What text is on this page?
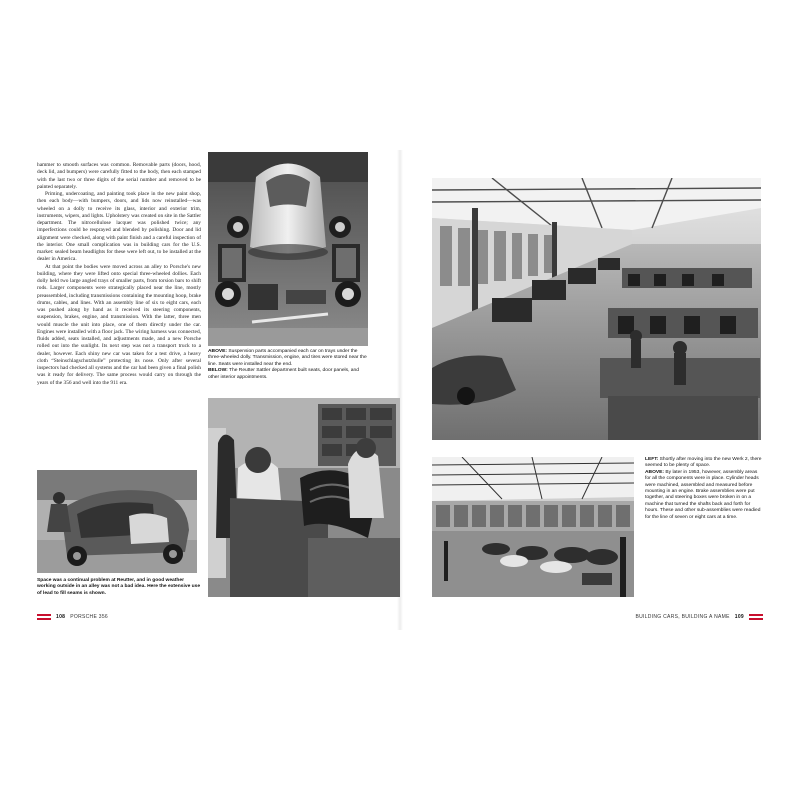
hammer to smooth surfaces was common. Removable parts (doors, hood, deck lid, and bumpers) were carefully fitted to the body, then each stamped with the last two or three digits of the serial number and removed to be painted separately.

Priming, undercoating, and painting took place in the new paint shop, then each body—with bumpers, doors, and lids now reinstalled—was wheeled on a dolly to receive its glass, interior and exterior trim, instruments, wipers, and lights. Upholstery was created on site in the Sattler department. The nitrocellulose lacquer was polished twice; any imperfections could be resprayed and blended by polishing. Door and lid alignment were checked, along with paint finish and a careful inspection of the interior. One small complication was in building cars for the U.S. market: sealed beam headlights for these were left out, to be installed at the dealer in America.

At that point the bodies were moved across an alley to Porsche's new building, where they were lifted onto special three-wheeled dollies. Each dolly held two large angled trays of smaller parts, from torsion bars to shift rods. Larger components were strategically placed near the line, mostly preassembled, including transmissions containing the mounting hoop, brake drums, cables, and lines. With an assembly line of six to eight cars, each was pushed along by hand as it received its steering components, suspension, brakes, engine, and transmission. With the latter, three men would muscle the unit into place, one of them directly under the car. Engines were installed with a floor jack. The wiring harness was connected, fluids added, seats installed, and adjustments made, and a new Porsche rolled out into the sunlight. Its next step was not a transport truck to a dealer, however. Each shiny new car was taken for a test drive, a heavy cloth “Steinschlagschutzhulle” protecting its nose. Only after several inspectors had checked all systems and the car had been given a final polish was it ready for delivery. The same process would carry on through the years of the 356 and well into the 911 era.

ABOVE: Suspension parts accompanied each car on trays under the three-wheeled dolly. Transmission, engine, and tires were stored near the line. Seats were installed near the end.
BELOW: The Reutter Sattler department built seats, door panels, and other interior appointments.

Space was a continual problem at Reutter, and in good weather working outside in an alley was not a bad idea. Here the extensive use of lead to fill seams is shown.

108 PORSCHE 356

LEFT: Shortly after moving into the new Werk 2, there seemed to be plenty of space.
ABOVE: By later in 1953, however, assembly areas for all the components were in place. Cylinder heads were machined, assembled and measured before mounting in an engine. Brake assemblies were put together, and steering boxes were broken in on a machine that turned the shafts back and forth for hours. These and other sub-assemblies were readied for the line of seven or eight cars at a time.

BUILDING CARS, BUILDING A NAME 109
